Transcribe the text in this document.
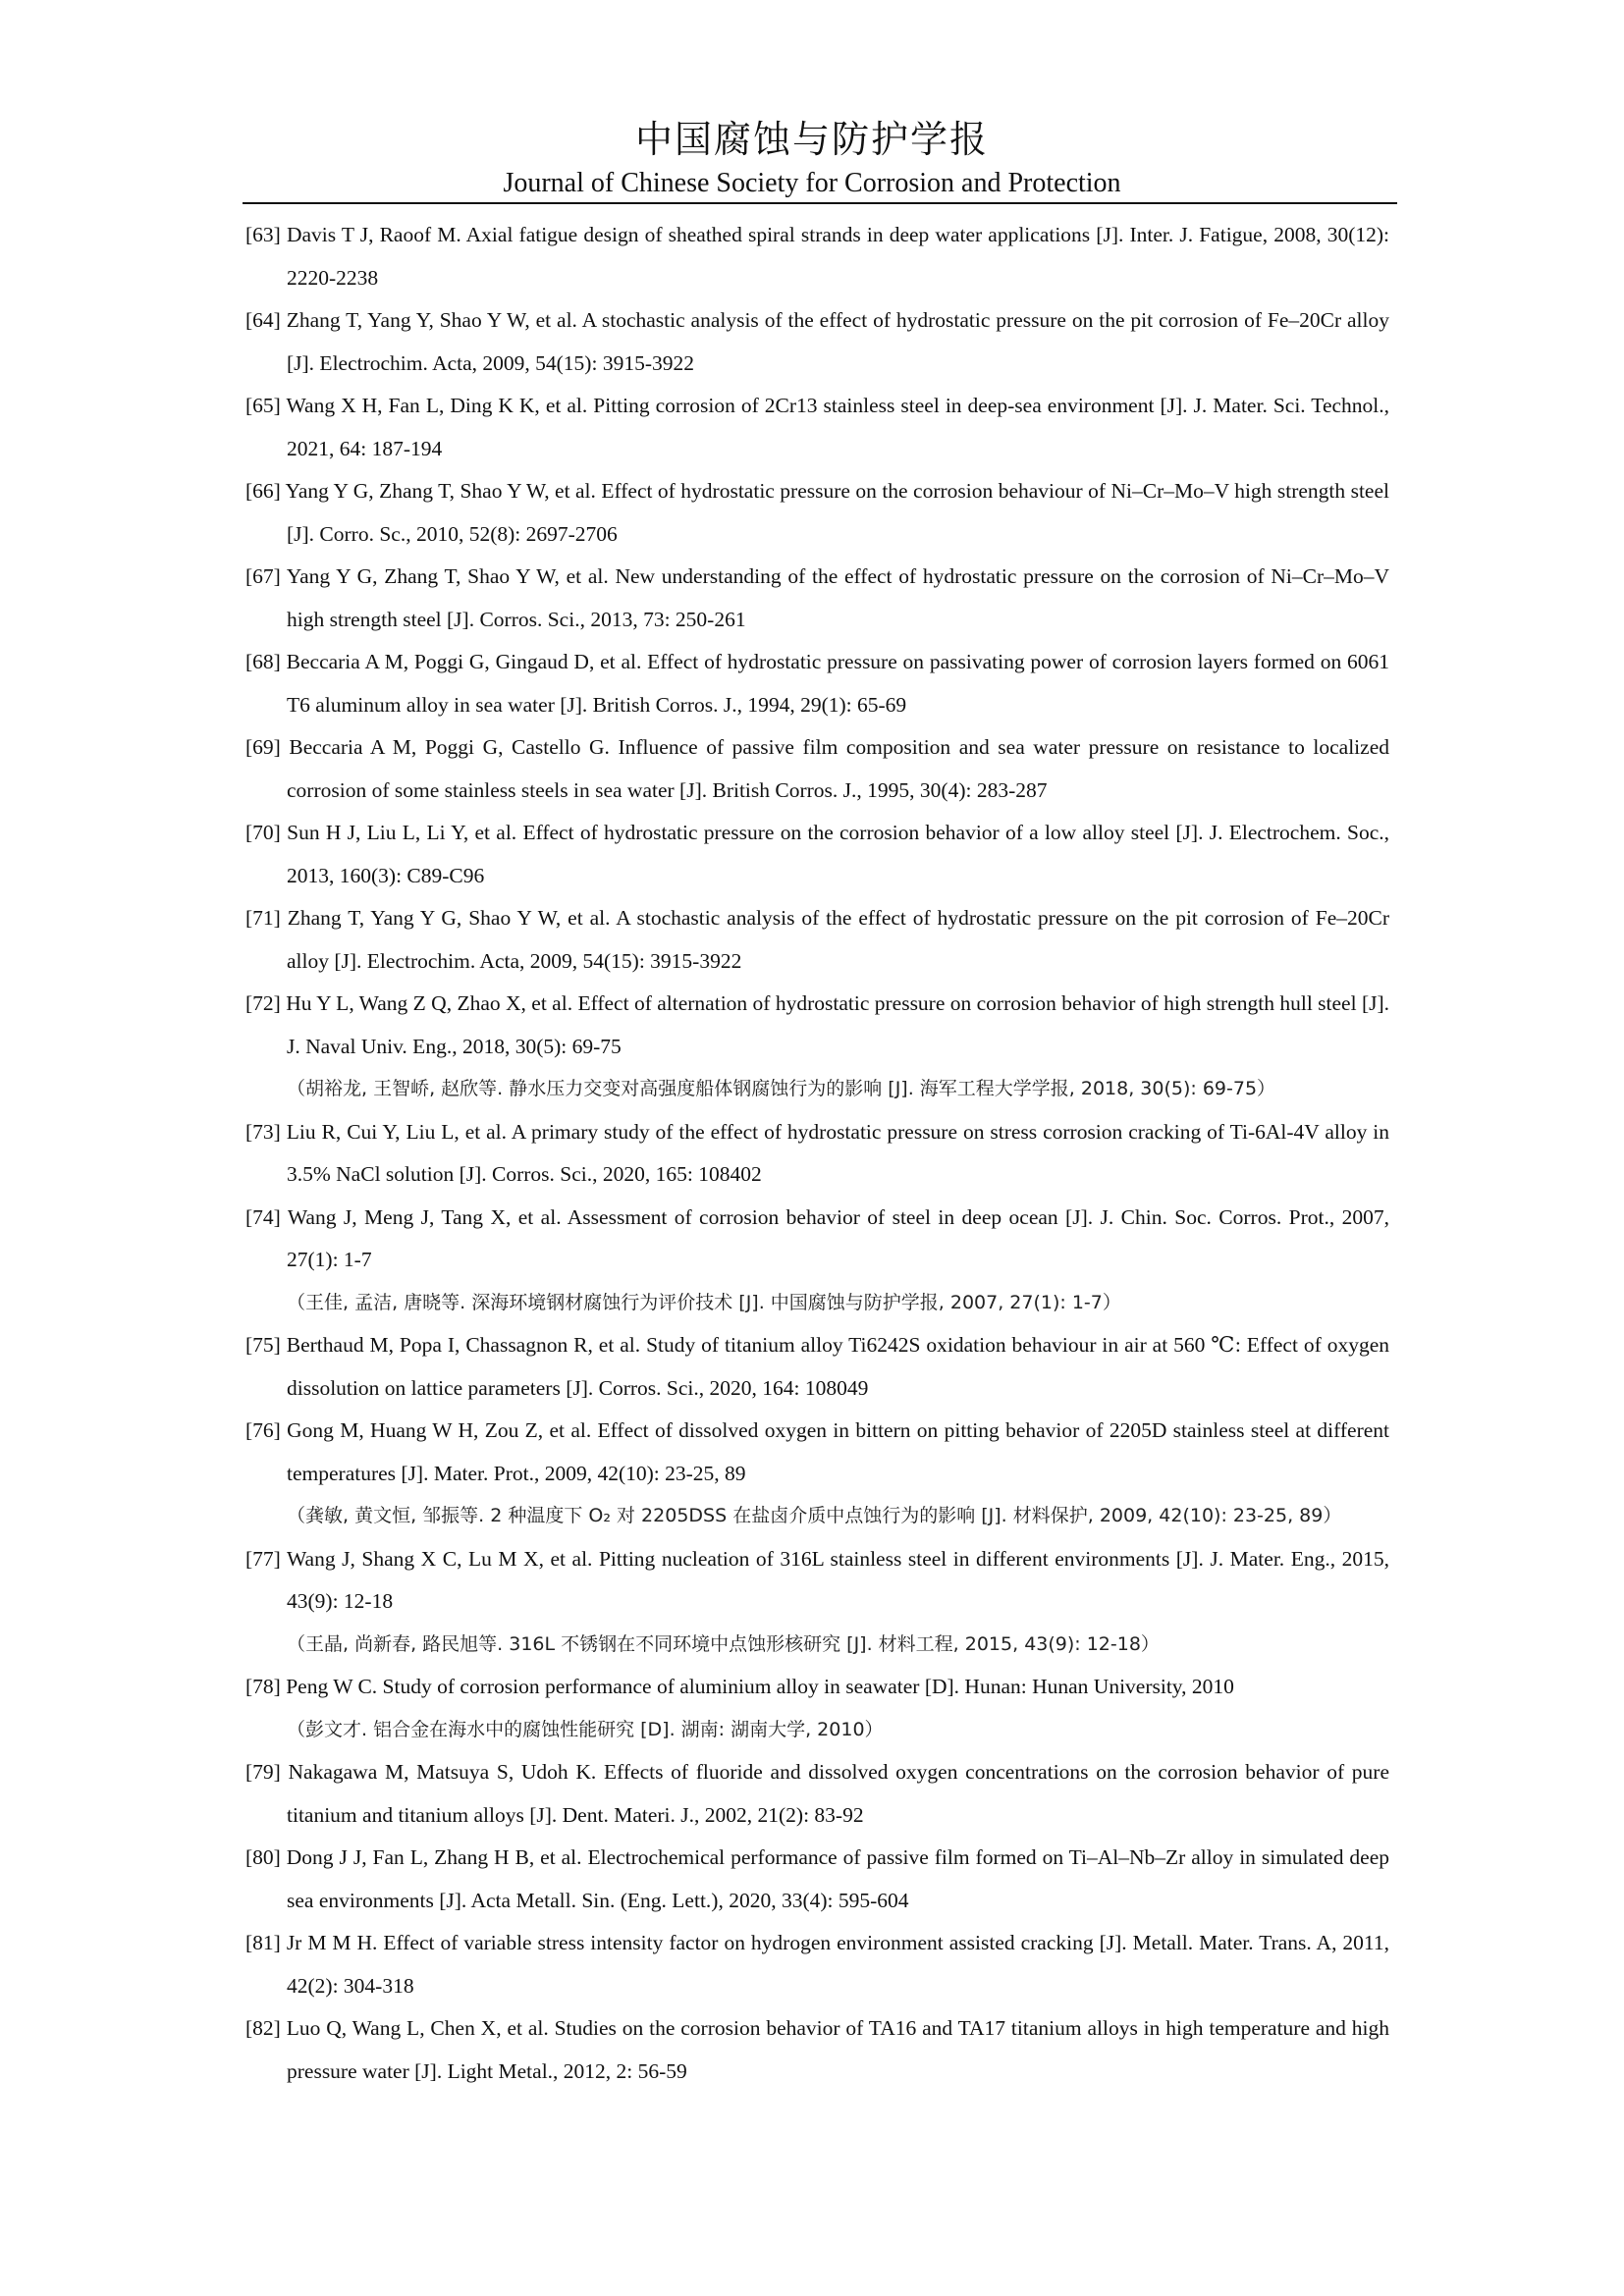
中国腐蚀与防护学报
Journal of Chinese Society for Corrosion and Protection
[63] Davis T J, Raoof M. Axial fatigue design of sheathed spiral strands in deep water applications [J]. Inter. J. Fatigue, 2008, 30(12): 2220-2238
[64] Zhang T, Yang Y, Shao Y W, et al. A stochastic analysis of the effect of hydrostatic pressure on the pit corrosion of Fe–20Cr alloy [J]. Electrochim. Acta, 2009, 54(15): 3915-3922
[65] Wang X H, Fan L, Ding K K, et al. Pitting corrosion of 2Cr13 stainless steel in deep-sea environment [J]. J. Mater. Sci. Technol., 2021, 64: 187-194
[66] Yang Y G, Zhang T, Shao Y W, et al. Effect of hydrostatic pressure on the corrosion behaviour of Ni–Cr–Mo–V high strength steel [J]. Corro. Sc., 2010, 52(8): 2697-2706
[67] Yang Y G, Zhang T, Shao Y W, et al. New understanding of the effect of hydrostatic pressure on the corrosion of Ni–Cr–Mo–V high strength steel [J]. Corros. Sci., 2013, 73: 250-261
[68] Beccaria A M, Poggi G, Gingaud D, et al. Effect of hydrostatic pressure on passivating power of corrosion layers formed on 6061 T6 aluminum alloy in sea water [J]. British Corros. J., 1994, 29(1): 65-69
[69] Beccaria A M, Poggi G, Castello G. Influence of passive film composition and sea water pressure on resistance to localized corrosion of some stainless steels in sea water [J]. British Corros. J., 1995, 30(4): 283-287
[70] Sun H J, Liu L, Li Y, et al. Effect of hydrostatic pressure on the corrosion behavior of a low alloy steel [J]. J. Electrochem. Soc., 2013, 160(3): C89-C96
[71] Zhang T, Yang Y G, Shao Y W, et al. A stochastic analysis of the effect of hydrostatic pressure on the pit corrosion of Fe–20Cr alloy [J]. Electrochim. Acta, 2009, 54(15): 3915-3922
[72] Hu Y L, Wang Z Q, Zhao X, et al. Effect of alternation of hydrostatic pressure on corrosion behavior of high strength hull steel [J]. J. Naval Univ. Eng., 2018, 30(5): 69-75
（胡裕龙, 王智峤, 赵欣等. 静水压力交变对高强度船体钢腐蚀行为的影响 [J]. 海军工程大学学报, 2018, 30(5): 69-75）
[73] Liu R, Cui Y, Liu L, et al. A primary study of the effect of hydrostatic pressure on stress corrosion cracking of Ti-6Al-4V alloy in 3.5% NaCl solution [J]. Corros. Sci., 2020, 165: 108402
[74] Wang J, Meng J, Tang X, et al. Assessment of corrosion behavior of steel in deep ocean [J]. J. Chin. Soc. Corros. Prot., 2007, 27(1): 1-7
（王佳, 孟洁, 唐晓等. 深海环境钢材腐蚀行为评价技术 [J]. 中国腐蚀与防护学报, 2007, 27(1): 1-7）
[75] Berthaud M, Popa I, Chassagnon R, et al. Study of titanium alloy Ti6242S oxidation behaviour in air at 560 ℃: Effect of oxygen dissolution on lattice parameters [J]. Corros. Sci., 2020, 164: 108049
[76] Gong M, Huang W H, Zou Z, et al. Effect of dissolved oxygen in bittern on pitting behavior of 2205D stainless steel at different temperatures [J]. Mater. Prot., 2009, 42(10): 23-25, 89
（龚敏, 黄文恒, 邹振等. 2 种温度下 O₂ 对 2205DSS 在盐卤介质中点蚀行为的影响 [J]. 材料保护, 2009, 42(10): 23-25, 89）
[77] Wang J, Shang X C, Lu M X, et al. Pitting nucleation of 316L stainless steel in different environments [J]. J. Mater. Eng., 2015, 43(9): 12-18
（王晶, 尚新春, 路民旭等. 316L 不锈钢在不同环境中点蚀形核研究 [J]. 材料工程, 2015, 43(9): 12-18）
[78] Peng W C. Study of corrosion performance of aluminium alloy in seawater [D]. Hunan: Hunan University, 2010
（彭文才. 铝合金在海水中的腐蚀性能研究 [D]. 湖南: 湖南大学, 2010）
[79] Nakagawa M, Matsuya S, Udoh K. Effects of fluoride and dissolved oxygen concentrations on the corrosion behavior of pure titanium and titanium alloys [J]. Dent. Materi. J., 2002, 21(2): 83-92
[80] Dong J J, Fan L, Zhang H B, et al. Electrochemical performance of passive film formed on Ti–Al–Nb–Zr alloy in simulated deep sea environments [J]. Acta Metall. Sin. (Eng. Lett.), 2020, 33(4): 595-604
[81] Jr M M H. Effect of variable stress intensity factor on hydrogen environment assisted cracking [J]. Metall. Mater. Trans. A, 2011, 42(2): 304-318
[82] Luo Q, Wang L, Chen X, et al. Studies on the corrosion behavior of TA16 and TA17 titanium alloys in high temperature and high pressure water [J]. Light Metal., 2012, 2: 56-59
